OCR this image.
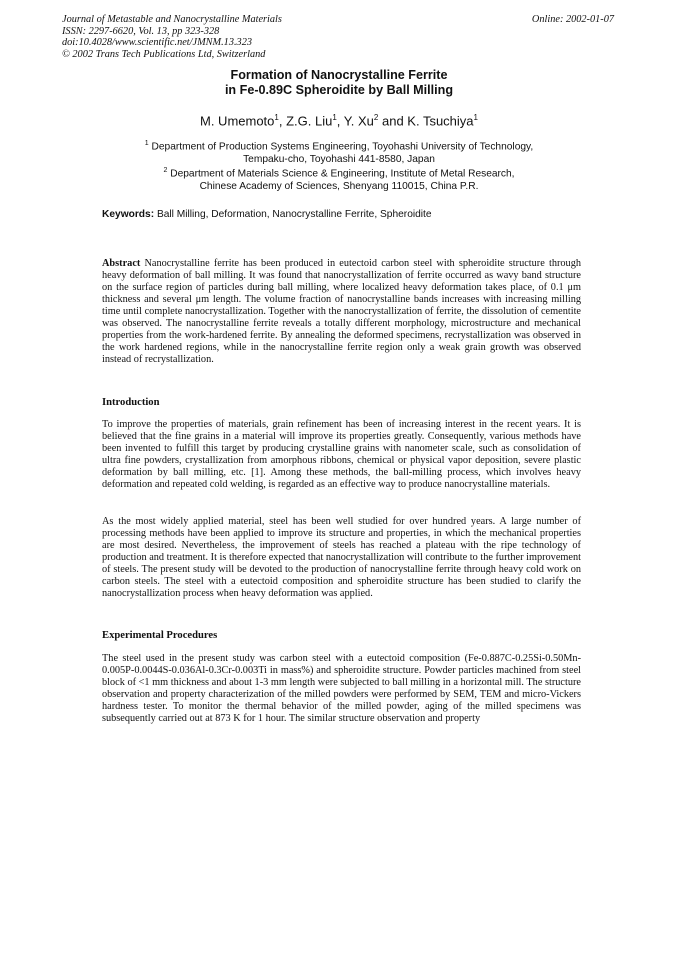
Journal of Metastable and Nanocrystalline Materials
ISSN: 2297-6620, Vol. 13, pp 323-328
doi:10.4028/www.scientific.net/JMNM.13.323
© 2002 Trans Tech Publications Ltd, Switzerland
Online: 2002-01-07
Formation of Nanocrystalline Ferrite
in Fe-0.89C Spheroidite by Ball Milling
M. Umemoto$^1$, Z.G. Liu$^1$, Y. Xu$^2$ and K. Tsuchiya$^1$
$^1$ Department of Production Systems Engineering, Toyohashi University of Technology,
Tempaku-cho, Toyohashi 441-8580, Japan
$^2$ Department of Materials Science & Engineering, Institute of Metal Research,
Chinese Academy of Sciences, Shenyang 110015, China P.R.
Keywords: Ball Milling, Deformation, Nanocrystalline Ferrite, Spheroidite
Abstract Nanocrystalline ferrite has been produced in eutectoid carbon steel with spheroidite structure through heavy deformation of ball milling. It was found that nanocrystallization of ferrite occurred as wavy band structure on the surface region of particles during ball milling, where localized heavy deformation takes place, of 0.1 μm thickness and several μm length. The volume fraction of nanocrystalline bands increases with increasing milling time until complete nanocrystallization. Together with the nanocrystallization of ferrite, the dissolution of cementite was observed. The nanocrystalline ferrite reveals a totally different morphology, microstructure and mechanical properties from the work-hardened ferrite. By annealing the deformed specimens, recrystallization was observed in the work hardened regions, while in the nanocrystalline ferrite region only a weak grain growth was observed instead of recrystallization.
Introduction
To improve the properties of materials, grain refinement has been of increasing interest in the recent years. It is believed that the fine grains in a material will improve its properties greatly. Consequently, various methods have been invented to fulfill this target by producing crystalline grains with nanometer scale, such as consolidation of ultra fine powders, crystallization from amorphous ribbons, chemical or physical vapor deposition, severe plastic deformation by ball milling, etc. [1]. Among these methods, the ball-milling process, which involves heavy deformation and repeated cold welding, is regarded as an effective way to produce nanocrystalline materials.
As the most widely applied material, steel has been well studied for over hundred years. A large number of processing methods have been applied to improve its structure and properties, in which the mechanical properties are most desired. Nevertheless, the improvement of steels has reached a plateau with the ripe technology of production and treatment. It is therefore expected that nanocrystallization will contribute to the further improvement of steels. The present study will be devoted to the production of nanocrystalline ferrite through heavy cold work on carbon steels. The steel with a eutectoid composition and spheroidite structure has been studied to clarify the nanocrystallization process when heavy deformation was applied.
Experimental Procedures
The steel used in the present study was carbon steel with a eutectoid composition (Fe-0.887C-0.25Si-0.50Mn-0.005P-0.0044S-0.036Al-0.3Cr-0.003Ti in mass%) and spheroidite structure. Powder particles machined from steel block of <1 mm thickness and about 1-3 mm length were subjected to ball milling in a horizontal mill. The structure observation and property characterization of the milled powders were performed by SEM, TEM and micro-Vickers hardness tester. To monitor the thermal behavior of the milled powder, aging of the milled specimens was subsequently carried out at 873 K for 1 hour. The similar structure observation and property
